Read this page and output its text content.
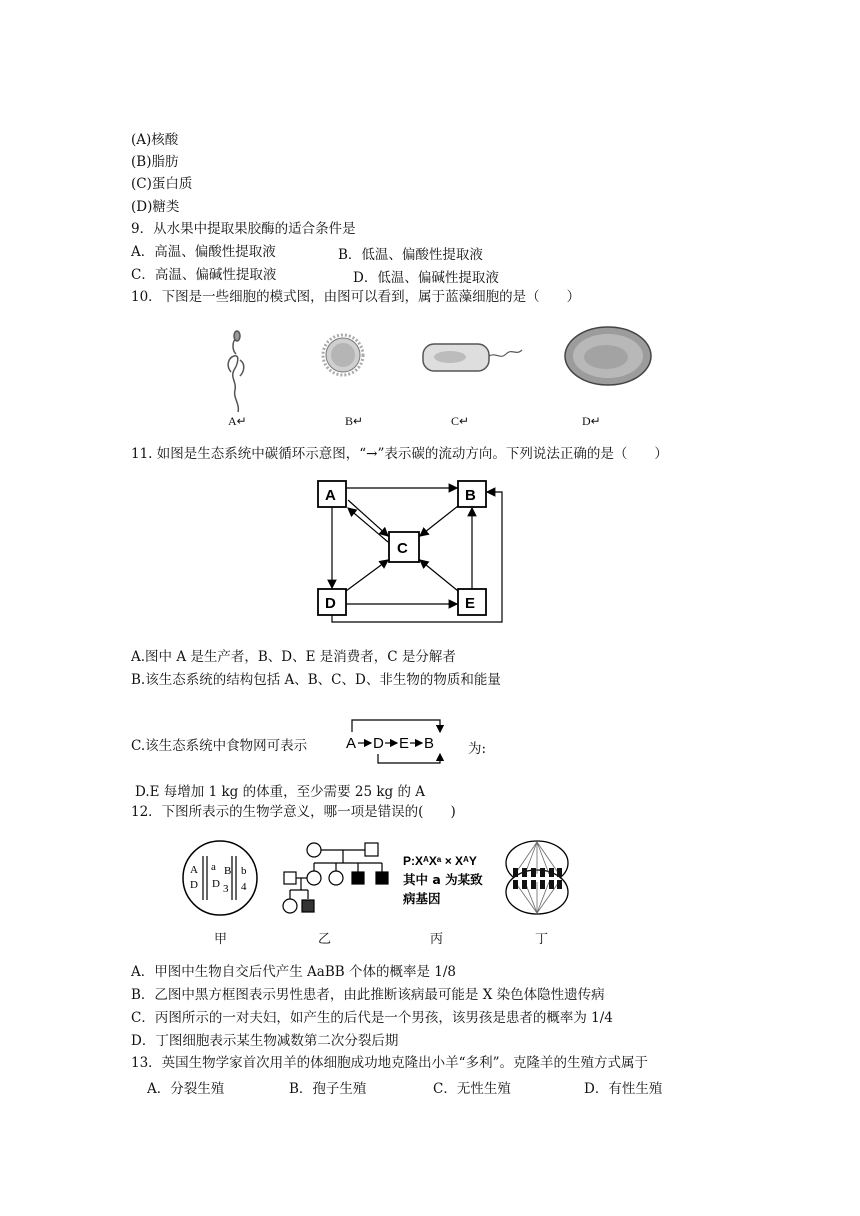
(A)核酸
(B)脂肪
(C)蛋白质
(D)糖类
9．从水果中提取果胶酶的适合条件是
A．高温、偏酸性提取液	B．低温、偏酸性提取液
C．高温、偏碱性提取液	D．低温、偏碱性提取液
10．下图是一些细胞的模式图，由图可以看到，属于蓝藻细胞的是（　　）
A↵	B↵	C↵	D↵
11. 如图是生态系统中碳循环示意图，“→”表示碳的流动方向。下列说法正确的是（　　）
A	B
C
D	E
A.图中 A 是生产者，B、D、E 是消费者，C 是分解者
B.该生态系统的结构包括 A、B、C、D、非生物的物质和能量
C.该生态系统中食物网可表示	A D E B	为:
D.E 每增加 1 kg 的体重，至少需要 25 kg 的 A
12．下图所表示的生物学意义，哪一项是错误的(　　)
A
D
a B
D 3
b
4
P:XᴬXᵃ × XᴬY
其中 a 为某致
病基因
甲	乙	丙	丁
A．甲图中生物自交后代产生 AaBB 个体的概率是 1/8
B．乙图中黑方框图表示男性患者，由此推断该病最可能是 X 染色体隐性遗传病
C．丙图所示的一对夫妇，如产生的后代是一个男孩，该男孩是患者的概率为 1/4
D．丁图细胞表示某生物减数第二次分裂后期
13．英国生物学家首次用羊的体细胞成功地克隆出小羊“多利”。克隆羊的生殖方式属于
A．分裂生殖	B．孢子生殖	C．无性生殖	D．有性生殖
